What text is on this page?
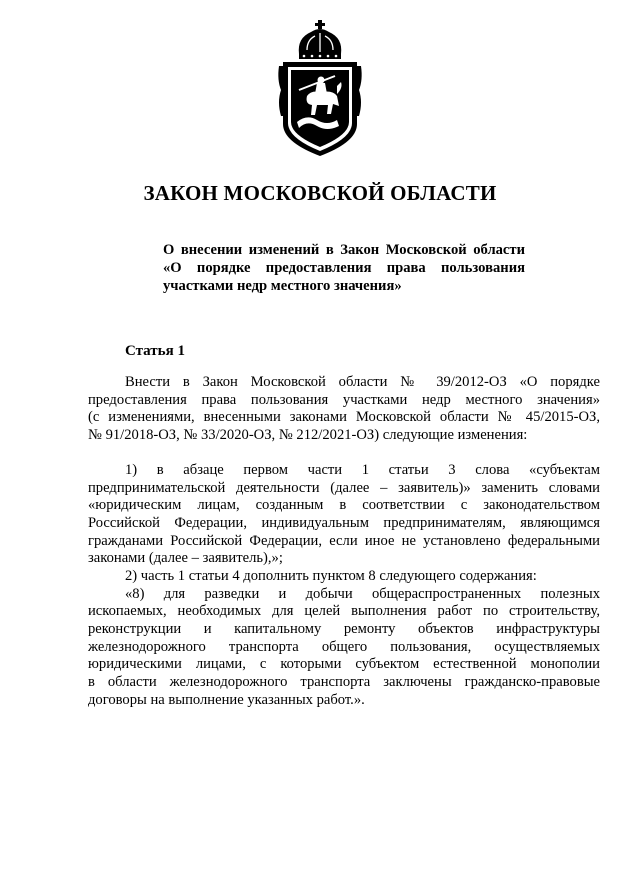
ЗАКОН МОСКОВСКОЙ ОБЛАСТИ
О внесении изменений в Закон Московской области
«О порядке предоставления права пользования
участками недр местного значения»
Статья 1
Внести в Закон Московской области № 39/2012-ОЗ «О порядке
предоставления права пользования участками недр местного значения»
(с изменениями, внесенными законами Московской области № 45/2015-ОЗ,
№ 91/2018-ОЗ, № 33/2020-ОЗ, № 212/2021-ОЗ) следующие изменения:
1) в абзаце первом части 1 статьи 3 слова «субъектам
предпринимательской деятельности (далее – заявитель)» заменить словами
«юридическим лицам, созданным в соответствии с законодательством
Российской Федерации, индивидуальным предпринимателям, являющимся
гражданами Российской Федерации, если иное не установлено федеральными
законами (далее – заявитель),»;
2) часть 1 статьи 4 дополнить пунктом 8 следующего содержания:
«8) для разведки и добычи общераспространенных полезных
ископаемых, необходимых для целей выполнения работ по строительству,
реконструкции и капитальному ремонту объектов инфраструктуры
железнодорожного транспорта общего пользования, осуществляемых
юридическими лицами, с которыми субъектом естественной монополии
в области железнодорожного транспорта заключены гражданско-правовые
договоры на выполнение указанных работ.».
